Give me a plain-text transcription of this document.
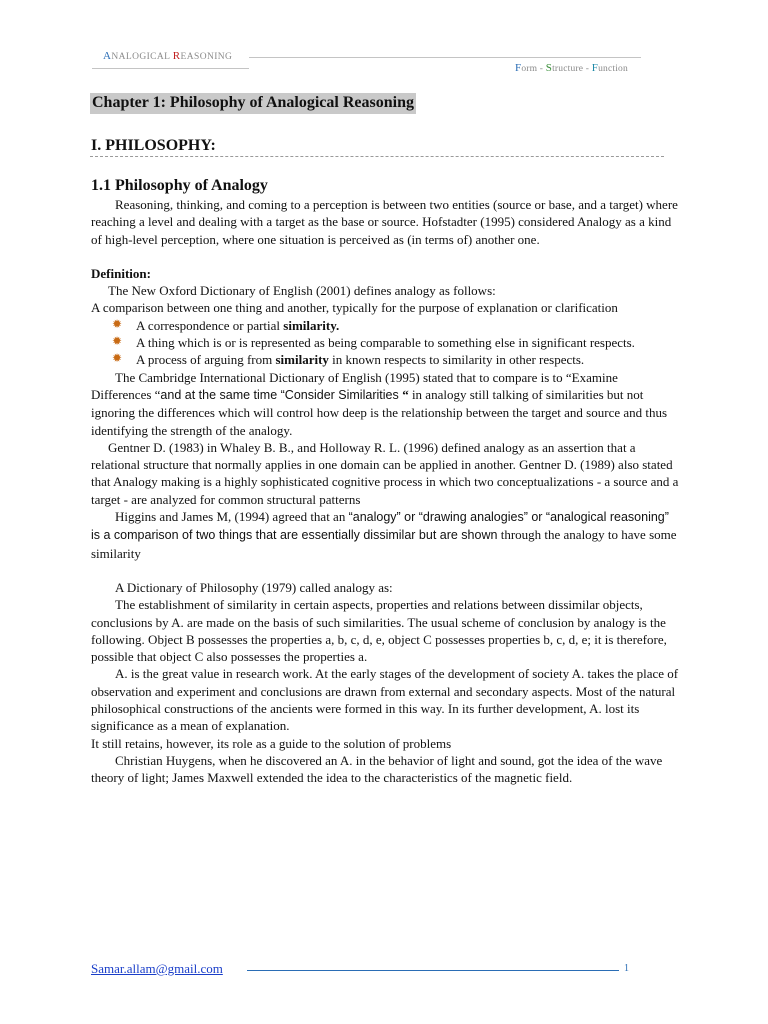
ANALOGICAL REASONING
Form - Structure - Function
Chapter 1: Philosophy of Analogical Reasoning
I. PHILOSOPHY:
1.1 Philosophy of Analogy

Reasoning, thinking, and coming to a perception is between two entities (source or base, and a target) where reaching a level and dealing with a target as the base or source. Hofstadter (1995) considered Analogy as a kind of high-level perception, where one situation is perceived as (in terms of) another one.

Definition:

The New Oxford Dictionary of English (2001) defines analogy as follows:

A comparison between one thing and another, typically for the purpose of explanation or clarification

✹ A correspondence or partial similarity.
✹ A thing which is or is represented as being comparable to something else in significant respects.
✹ A process of arguing from similarity in known respects to similarity in other respects.

The Cambridge International Dictionary of English (1995) stated that to compare is to “Examine Differences “and at the same time “Consider Similarities “ in analogy still talking of similarities but not ignoring the differences which will control how deep is the relationship between the target and source and thus identifying the strength of the analogy.

Gentner D. (1983) in Whaley B. B., and Holloway R. L. (1996) defined analogy as an assertion that a relational structure that normally applies in one domain can be applied in another. Gentner D. (1989) also stated that Analogy making is a highly sophisticated cognitive process in which two conceptualizations - a source and a target - are analyzed for common structural patterns

Higgins and James M, (1994) agreed that an “analogy” or “drawing analogies” or “analogical reasoning” is a comparison of two things that are essentially dissimilar but are shown through the analogy to have some similarity

A Dictionary of Philosophy (1979) called analogy as:

The establishment of similarity in certain aspects, properties and relations between dissimilar objects, conclusions by A. are made on the basis of such similarities. The usual scheme of conclusion by analogy is the following. Object B possesses the properties a, b, c, d, e, object C possesses properties b, c, d, e; it is therefore, possible that object C also possesses the properties a.

A. is the great value in research work. At the early stages of the development of society A. takes the place of observation and experiment and conclusions are drawn from external and secondary aspects. Most of the natural philosophical constructions of the ancients were formed in this way. In its further development, A. lost its significance as a mean of explanation.

It still retains, however, its role as a guide to the solution of problems

Christian Huygens, when he discovered an A. in the behavior of light and sound, got the idea of the wave theory of light; James Maxwell extended the idea to the characteristics of the magnetic field.

Samar.allam@gmail.com	1
